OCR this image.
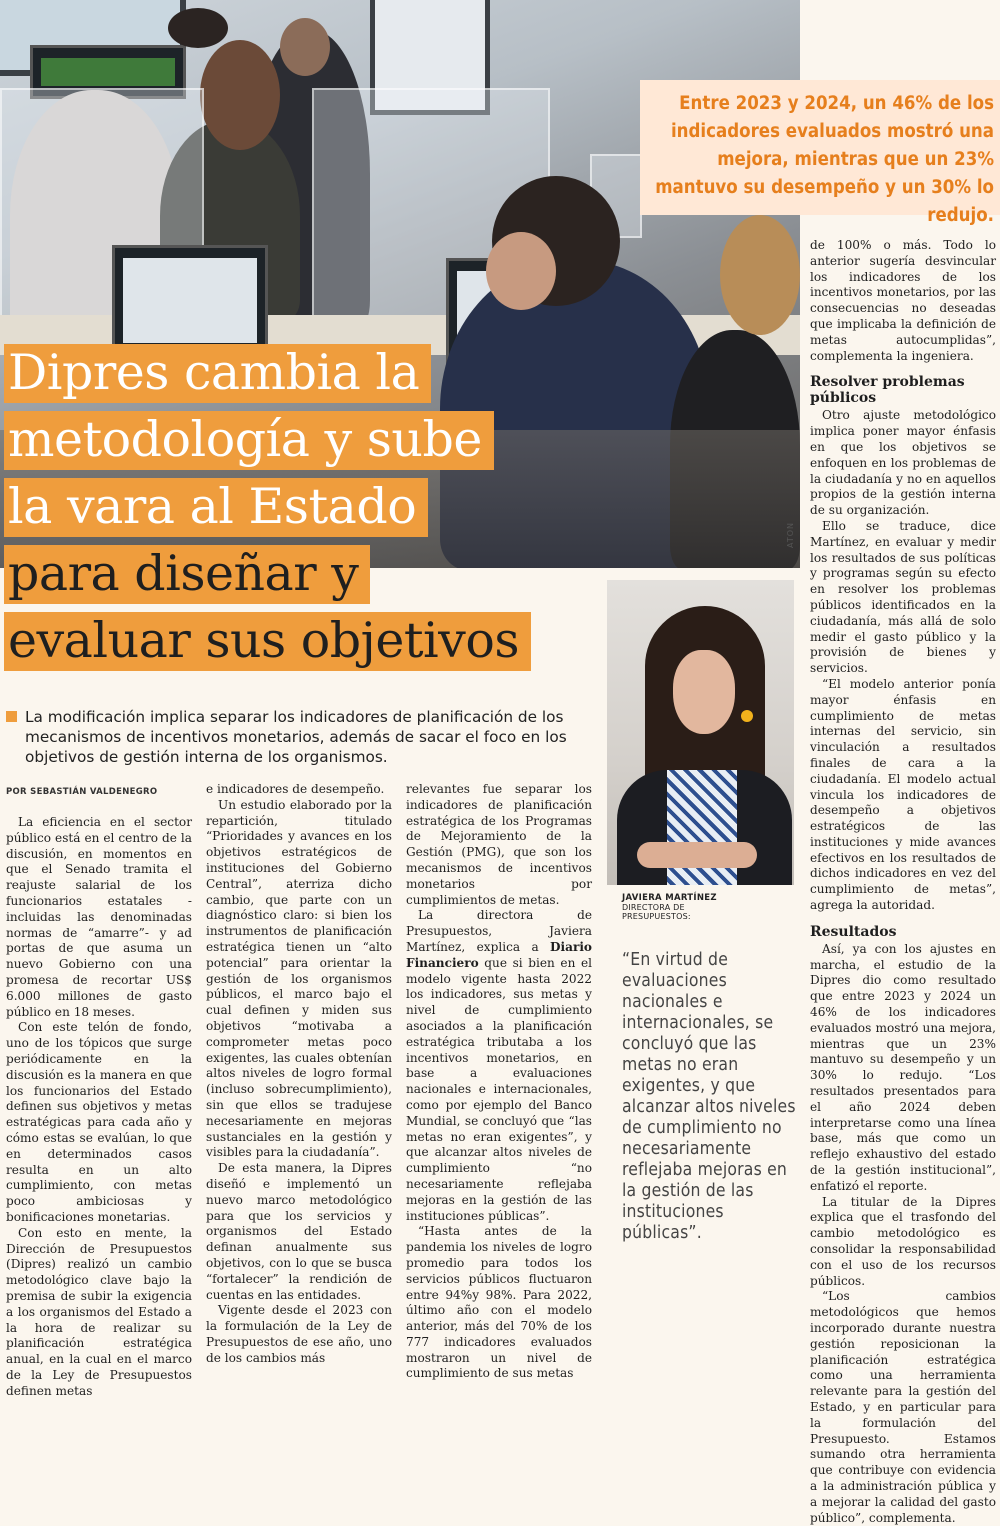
ATON

Entre 2023 y 2024, un 46% de los indicadores evaluados mostró una mejora, mientras que un 23% mantuvo su desempeño y un 30% lo redujo.

Dipres cambia la
metodología y sube
la vara al Estado
para diseñar y
evaluar sus objetivos

La modificación implica separar los indicadores de planificación de los mecanismos de incentivos monetarios, además de sacar el foco en los objetivos de gestión interna de los organismos.

POR SEBASTIÁN VALDENEGRO

La eficiencia en el sector público está en el centro de la discusión, en momentos en que el Senado tramita el reajuste salarial de los funcionarios estatales -incluidas las denominadas normas de “amarre”- y ad portas de que asuma un nuevo Gobierno con una promesa de recortar US$ 6.000 millones de gasto público en 18 meses.

Con este telón de fondo, uno de los tópicos que surge periódicamente en la discusión es la manera en que los funcionarios del Estado definen sus objetivos y metas estratégicas para cada año y cómo estas se evalúan, lo que en determinados casos resulta en un alto cumplimiento, con metas poco ambiciosas y bonificaciones monetarias.

Con esto en mente, la Dirección de Presupuestos (Dipres) realizó un cambio metodológico clave bajo la premisa de subir la exigencia a los organismos del Estado a la hora de realizar su planificación estratégica anual, en la cual en el marco de la Ley de Presupuestos definen metas

e indicadores de desempeño.

Un estudio elaborado por la repartición, titulado “Prioridades y avances en los objetivos estratégicos de instituciones del Gobierno Central”, aterriza dicho cambio, que parte con un diagnóstico claro: si bien los instrumentos de planificación estratégica tienen un “alto potencial” para orientar la gestión de los organismos públicos, el marco bajo el cual definen y miden sus objetivos “motivaba a comprometer metas poco exigentes, las cuales obtenían altos niveles de logro formal (incluso sobrecumplimiento), sin que ellos se tradujese necesariamente en mejoras sustanciales en la gestión y visibles para la ciudadanía”.

De esta manera, la Dipres diseñó e implementó un nuevo marco metodológico para que los servicios y organismos del Estado definan anualmente sus objetivos, con lo que se busca “fortalecer” la rendición de cuentas en las entidades.

Vigente desde el 2023 con la formulación de la Ley de Presupuestos de ese año, uno de los cambios más

relevantes fue separar los indicadores de planificación estratégica de los Programas de Mejoramiento de la Gestión (PMG), que son los mecanismos de incentivos monetarios por cumplimientos de metas.

La directora de Presupuestos, Javiera Martínez, explica a Diario Financiero que si bien en el modelo vigente hasta 2022 los indicadores, sus metas y nivel de cumplimiento asociados a la planificación estratégica tributaba a los incentivos monetarios, en base a evaluaciones nacionales e internacionales, como por ejemplo del Banco Mundial, se concluyó que “las metas no eran exigentes”, y que alcanzar altos niveles de cumplimiento “no necesariamente reflejaba mejoras en la gestión de las instituciones públicas”.

“Hasta antes de la pandemia los niveles de logro promedio para todos los servicios públicos fluctuaron entre 94%y 98%. Para 2022, último año con el modelo anterior, más del 70% de los 777 indicadores evaluados mostraron un nivel de cumplimiento de sus metas

JAVIERA MARTÍNEZ
DIRECTORA DE PRESUPUESTOS:
“En virtud de evaluaciones nacionales e internacionales, se concluyó que las metas no eran exigentes, y que alcanzar altos niveles de cumplimiento no necesariamente reflejaba mejoras en la gestión de las instituciones públicas”.

de 100% o más. Todo lo anterior sugería desvincular los indicadores de los incentivos monetarios, por las consecuencias no deseadas que implicaba la definición de metas autocumplidas”, complementa la ingeniera.

Resolver problemas públicos

Otro ajuste metodológico implica poner mayor énfasis en que los objetivos se enfoquen en los problemas de la ciudadanía y no en aquellos propios de la gestión interna de su organización.

Ello se traduce, dice Martínez, en evaluar y medir los resultados de sus políticas y programas según su efecto en resolver los problemas públicos identificados en la ciudadanía, más allá de solo medir el gasto público y la provisión de bienes y servicios.

“El modelo anterior ponía mayor énfasis en cumplimiento de metas internas del servicio, sin vinculación a resultados finales de cara a la ciudadanía. El modelo actual vincula los indicadores de desempeño a objetivos estratégicos de las instituciones y mide avances efectivos en los resultados de dichos indicadores en vez del cumplimiento de metas”, agrega la autoridad.

Resultados

Así, ya con los ajustes en marcha, el estudio de la Dipres dio como resultado que entre 2023 y 2024 un 46% de los indicadores evaluados mostró una mejora, mientras que un 23% mantuvo su desempeño y un 30% lo redujo. “Los resultados presentados para el año 2024 deben interpretarse como una línea base, más que como un reflejo exhaustivo del estado de la gestión institucional”, enfatizó el reporte.

La titular de la Dipres explica que el trasfondo del cambio metodológico es consolidar la responsabilidad con el uso de los recursos públicos.

“Los cambios metodológicos que hemos incorporado durante nuestra gestión reposicionan la planificación estratégica como una herramienta relevante para la gestión del Estado, y en particular para la formulación del Presupuesto. Estamos sumando otra herramienta que contribuye con evidencia a la administración pública y a mejorar la calidad del gasto público”, complementa.
